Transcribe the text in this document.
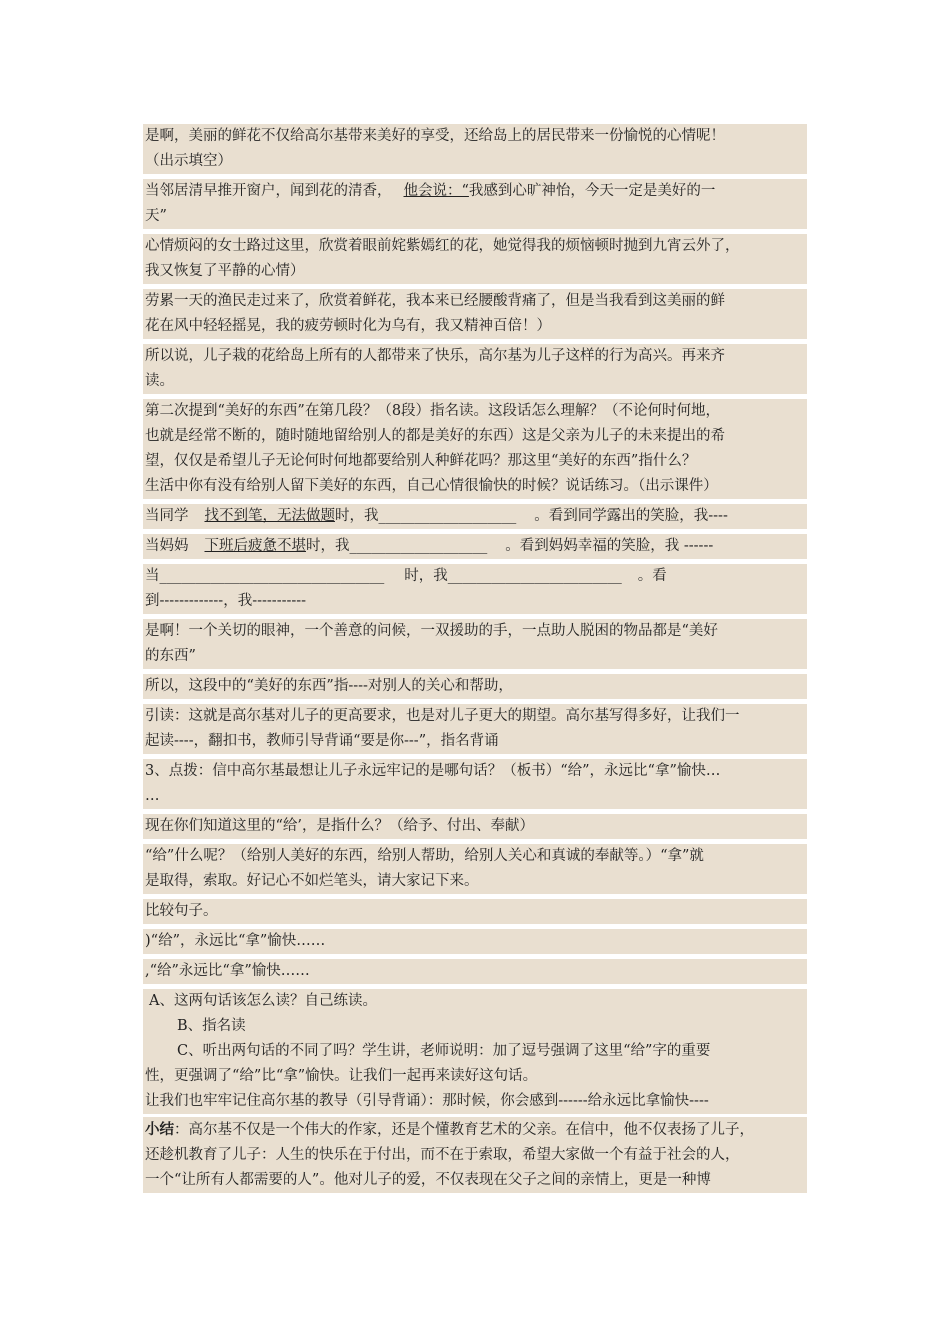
是啊，美丽的鲜花不仅给高尔基带来美好的享受，还给岛上的居民带来一份愉悦的心情呢！
（出示填空）
当邻居清早推开窗户，闻到花的清香， 他会说：“我感到心旷神怡，今天一定是美好的一
天”
心情烦闷的女士路过这里，欣赏着眼前姹紫嫣红的花，她觉得我的烦恼顿时抛到九宵云外了，
我又恢复了平静的心情）
劳累一天的渔民走过来了，欣赏着鲜花，我本来已经腰酸背痛了，但是当我看到这美丽的鲜
花在风中轻轻摇晃，我的疲劳顿时化为乌有，我又精神百倍！）
所以说，儿子栽的花给岛上所有的人都带来了快乐，高尔基为儿子这样的行为高兴。再来齐
读。
第二次提到“美好的东西”在第几段？（8段）指名读。这段话怎么理解？（不论何时何地，
也就是经常不断的，随时随地留给别人的都是美好的东西）这是父亲为儿子的未来提出的希
望，仅仅是希望儿子无论何时何地都要给别人种鲜花吗？那这里“美好的东西”指什么？
生活中你有没有给别人留下美好的东西，自己心情很愉快的时候？说话练习。（出示课件）
当同学 找不到笔，无法做题时，我___________________ 。看到同学露出的笑脸，我----
当妈妈 下班后疲惫不堪时，我___________________ 。看到妈妈幸福的笑脸，我 ------
当_______________________________ 时，我________________________ 。看
到-------------，我-----------
是啊！一个关切的眼神，一个善意的问候，一双援助的手，一点助人脱困的物品都是“美好
的东西”
所以，这段中的“美好的东西”指----对别人的关心和帮助，
引读：这就是高尔基对儿子的更高要求，也是对儿子更大的期望。高尔基写得多好，让我们一
起读----，翻扣书，教师引导背诵“要是你---”，指名背诵
3、点拨：信中高尔基最想让儿子永远牢记的是哪句话？（板书）“给”，永远比“拿”愉快…
…
现在你们知道这里的“给’，是指什么？（给予、付出、奉献）
“给”什么呢？（给别人美好的东西，给别人帮助，给别人关心和真诚的奉献等。）“拿”就
是取得，索取。好记心不如烂笔头，请大家记下来。
比较句子。
)“给”，永远比“拿”愉快……
,“给”永远比“拿”愉快……
A、这两句话该怎么读？自己练读。
B、指名读
C、听出两句话的不同了吗？学生讲，老师说明：加了逗号强调了这里“给”字的重要
性，更强调了“给”比“拿”愉快。让我们一起再来读好这句话。
让我们也牢牢记住高尔基的教导（引导背诵）：那时候，你会感到------给永远比拿愉快----
小结：高尔基不仅是一个伟大的作家，还是个懂教育艺术的父亲。在信中，他不仅表扬了儿子，
还趁机教育了儿子：人生的快乐在于付出，而不在于索取，希望大家做一个有益于社会的人，
一个“让所有人都需要的人”。他对儿子的爱，不仅表现在父子之间的亲情上，更是一种博
